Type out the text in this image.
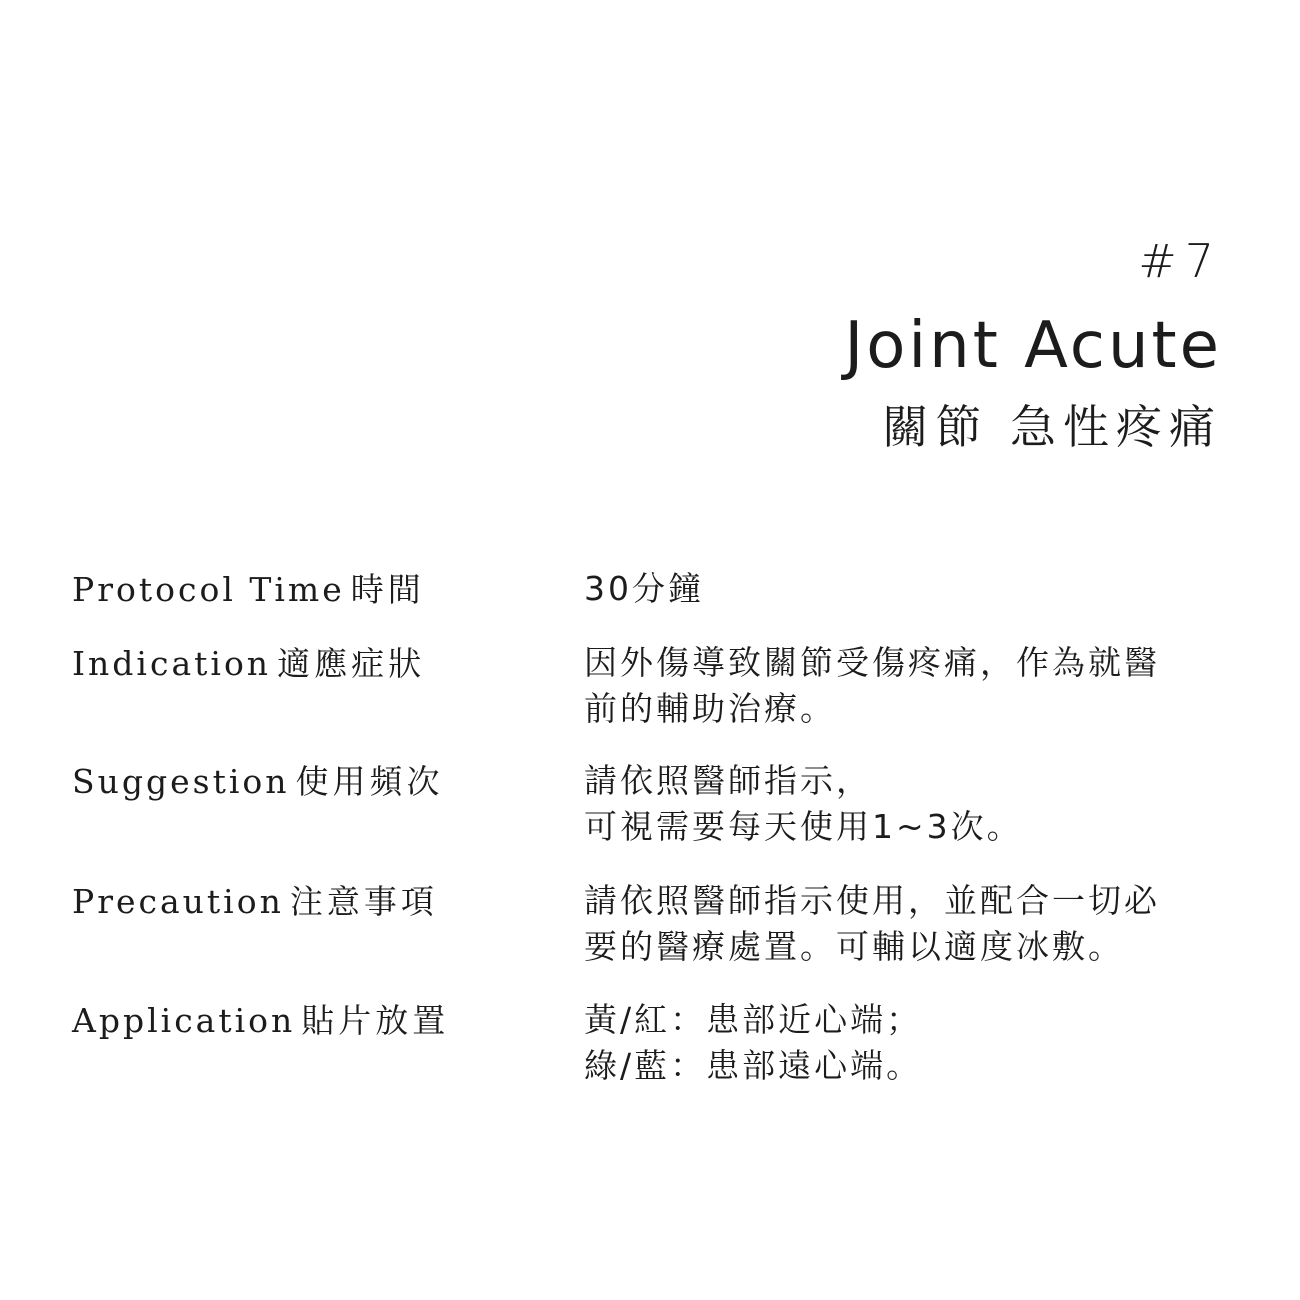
#7
Joint Acute
關節 急性疼痛
Protocol Time 時間	30分鐘
Indication 適應症狀	因外傷導致關節受傷疼痛，作為就醫
前的輔助治療。
Suggestion 使用頻次	請依照醫師指示，
可視需要每天使用1~3次。
Precaution 注意事項	請依照醫師指示使用，並配合一切必
要的醫療處置。可輔以適度冰敷。
Application 貼片放置	黃/紅：患部近心端；
綠/藍：患部遠心端。
